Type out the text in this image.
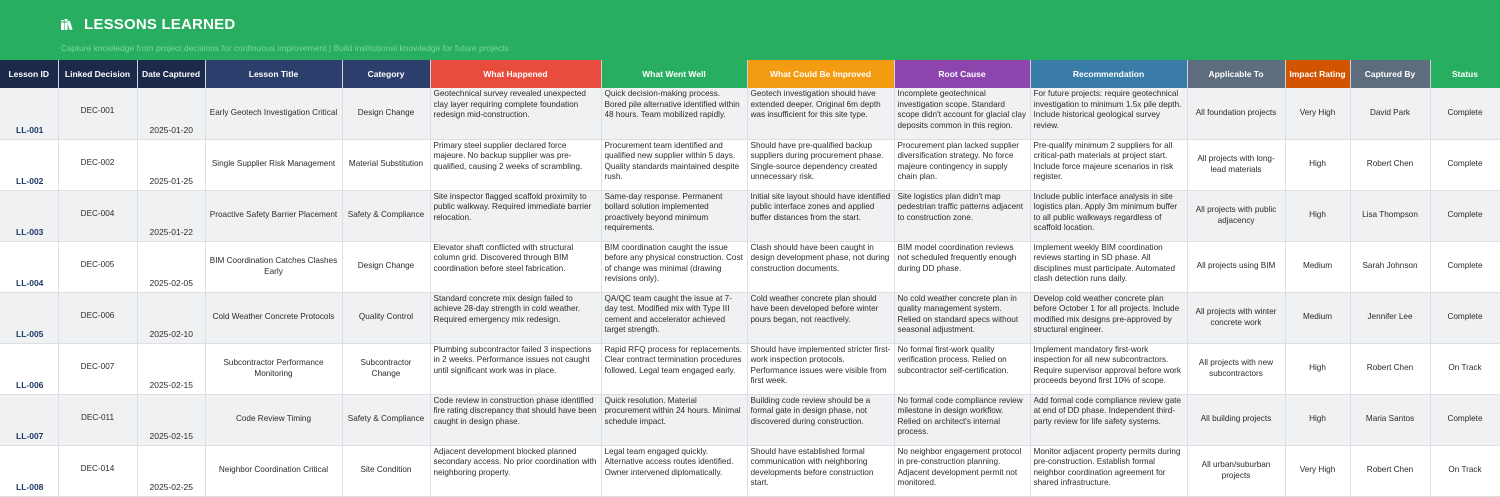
LESSONS LEARNED
Capture knowledge from project decisions for continuous improvement | Build institutional knowledge for future projects
Lesson ID	Linked Decision	Date Captured	Lesson Title	Category	What Happened	What Went Well	What Could Be Improved	Root Cause	Recommendation	Applicable To	Impact Rating	Captured By	Status

LL-001	DEC-001	2025-01-20	Early Geotech Investigation Critical	Design Change	Geotechnical survey revealed unexpected clay layer requiring complete foundation redesign mid-construction.	Quick decision-making process. Bored pile alternative identified within 48 hours. Team mobilized rapidly.	Geotech investigation should have extended deeper. Original 6m depth was insufficient for this site type.	Incomplete geotechnical investigation scope. Standard scope didn't account for glacial clay deposits common in this region.	For future projects: require geotechnical investigation to minimum 1.5x pile depth. Include historical geological survey review.	All foundation projects	Very High	David Park	Complete

LL-002	DEC-002	2025-01-25	Single Supplier Risk Management	Material Substitution	Primary steel supplier declared force majeure. No backup supplier was pre-qualified, causing 2 weeks of scrambling.	Procurement team identified and qualified new supplier within 5 days. Quality standards maintained despite rush.	Should have pre-qualified backup suppliers during procurement phase. Single-source dependency created unnecessary risk.	Procurement plan lacked supplier diversification strategy. No force majeure contingency in supply chain plan.	Pre-qualify minimum 2 suppliers for all critical-path materials at project start. Include force majeure scenarios in risk register.	All projects with long-lead materials	High	Robert Chen	Complete

LL-003	DEC-004	2025-01-22	Proactive Safety Barrier Placement	Safety & Compliance	Site inspector flagged scaffold proximity to public walkway. Required immediate barrier relocation.	Same-day response. Permanent bollard solution implemented proactively beyond minimum requirements.	Initial site layout should have identified public interface zones and applied buffer distances from the start.	Site logistics plan didn't map pedestrian traffic patterns adjacent to construction zone.	Include public interface analysis in site logistics plan. Apply 3m minimum buffer to all public walkways regardless of scaffold location.	All projects with public adjacency	High	Lisa Thompson	Complete

LL-004	DEC-005	2025-02-05	BIM Coordination Catches Clashes Early	Design Change	Elevator shaft conflicted with structural column grid. Discovered through BIM coordination before steel fabrication.	BIM coordination caught the issue before any physical construction. Cost of change was minimal (drawing revisions only).	Clash should have been caught in design development phase, not during construction documents.	BIM model coordination reviews not scheduled frequently enough during DD phase.	Implement weekly BIM coordination reviews starting in SD phase. All disciplines must participate. Automated clash detection runs daily.	All projects using BIM	Medium	Sarah Johnson	Complete

LL-005	DEC-006	2025-02-10	Cold Weather Concrete Protocols	Quality Control	Standard concrete mix design failed to achieve 28-day strength in cold weather. Required emergency mix redesign.	QA/QC team caught the issue at 7-day test. Modified mix with Type III cement and accelerator achieved target strength.	Cold weather concrete plan should have been developed before winter pours began, not reactively.	No cold weather concrete plan in quality management system. Relied on standard specs without seasonal adjustment.	Develop cold weather concrete plan before October 1 for all projects. Include modified mix designs pre-approved by structural engineer.	All projects with winter concrete work	Medium	Jennifer Lee	Complete

LL-006	DEC-007	2025-02-15	Subcontractor Performance Monitoring	Subcontractor Change	Plumbing subcontractor failed 3 inspections in 2 weeks. Performance issues not caught until significant work was in place.	Rapid RFQ process for replacements. Clear contract termination procedures followed. Legal team engaged early.	Should have implemented stricter first-work inspection protocols. Performance issues were visible from first week.	No formal first-work quality verification process. Relied on subcontractor self-certification.	Implement mandatory first-work inspection for all new subcontractors. Require supervisor approval before work proceeds beyond first 10% of scope.	All projects with new subcontractors	High	Robert Chen	On Track

LL-007	DEC-011	2025-02-15	Code Review Timing	Safety & Compliance	Code review in construction phase identified fire rating discrepancy that should have been caught in design phase.	Quick resolution. Material procurement within 24 hours. Minimal schedule impact.	Building code review should be a formal gate in design phase, not discovered during construction.	No formal code compliance review milestone in design workflow. Relied on architect's internal process.	Add formal code compliance review gate at end of DD phase. Independent third-party review for life safety systems.	All building projects	High	Maria Santos	Complete

LL-008	DEC-014	2025-02-25	Neighbor Coordination Critical	Site Condition	Adjacent development blocked planned secondary access. No prior coordination with neighboring property.	Legal team engaged quickly. Alternative access routes identified. Owner intervened diplomatically.	Should have established formal communication with neighboring developments before construction start.	No neighbor engagement protocol in pre-construction planning. Adjacent development permit not monitored.	Monitor adjacent property permits during pre-construction. Establish formal neighbor coordination agreement for shared infrastructure.	All urban/suburban projects	Very High	Robert Chen	On Track
